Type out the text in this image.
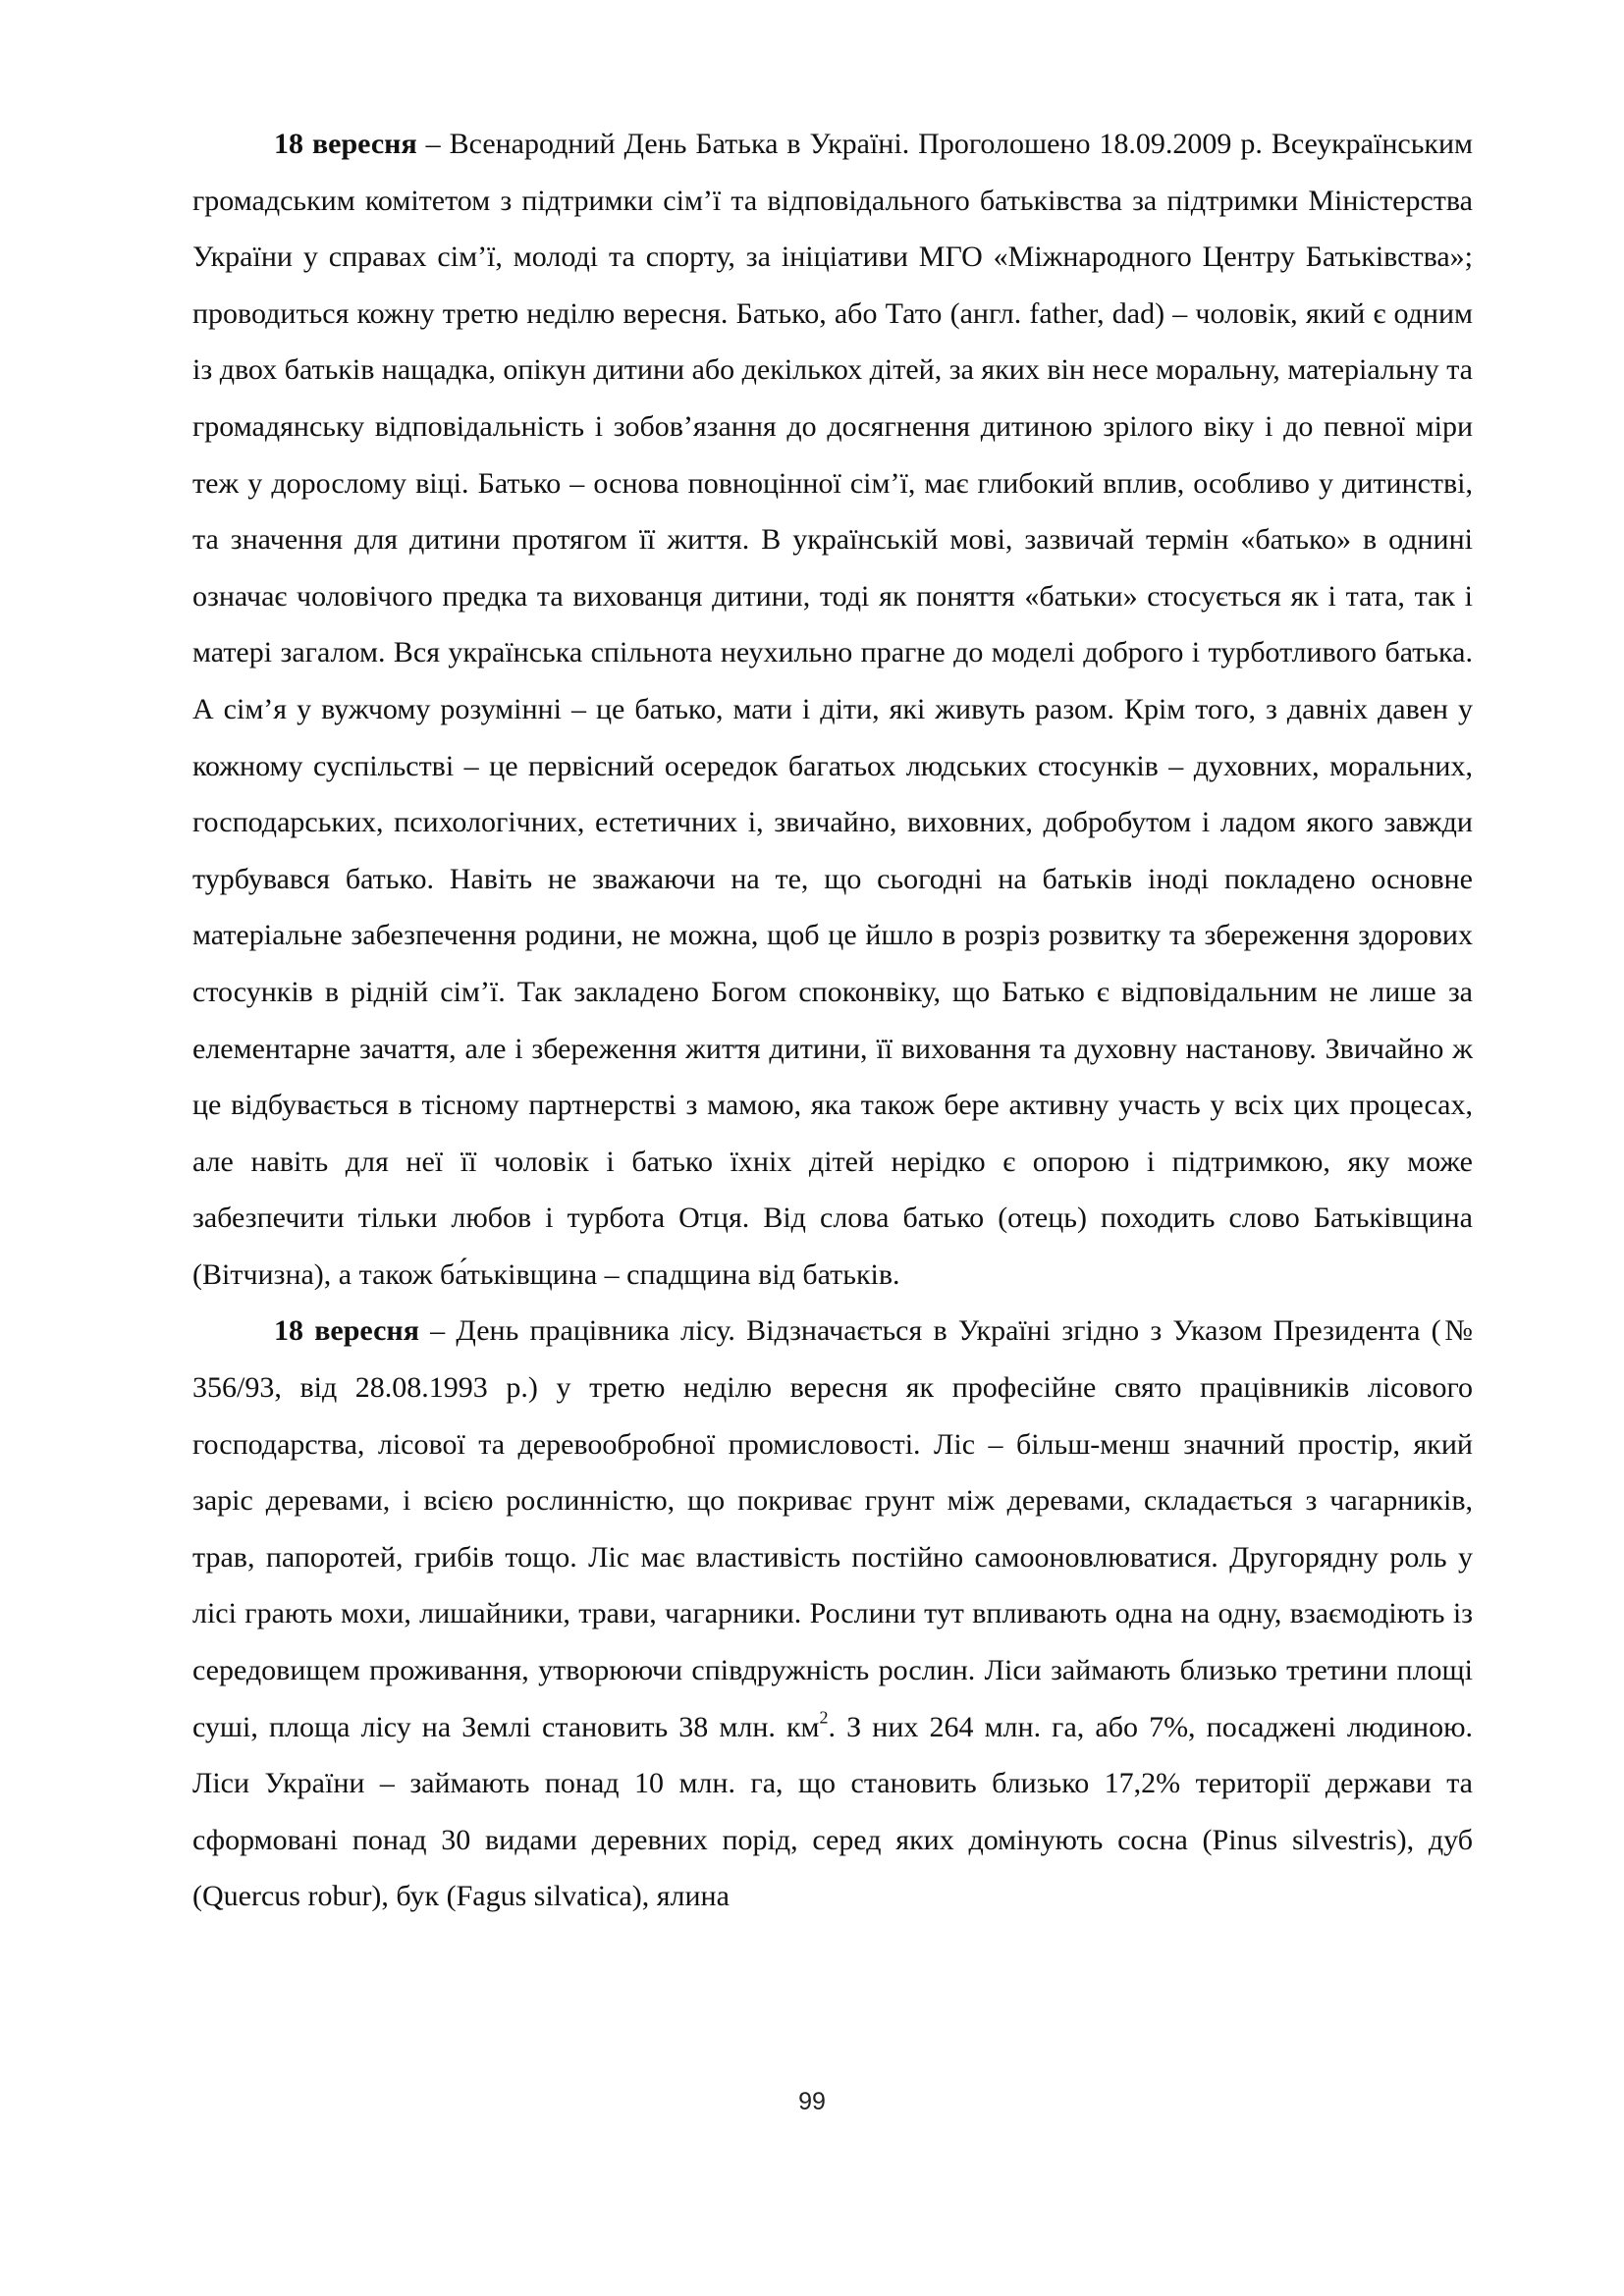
18 вересня – Всенародний День Батька в Україні. Проголошено 18.09.2009 р. Всеукраїнським громадським комітетом з підтримки сім’ї та відповідального батьківства за підтримки Міністерства України у справах сім’ї, молоді та спорту, за ініціативи МГО «Міжнародного Центру Батьківства»; проводиться кожну третю неділю вересня. Батько, або Тато (англ. father, dad) – чоловік, який є одним із двох батьків нащадка, опікун дитини або декількох дітей, за яких він несе моральну, матеріальну та громадянську відповідальність і зобов’язання до досягнення дитиною зрілого віку і до певної міри теж у дорослому віці. Батько – основа повноцінної сім’ї, має глибокий вплив, особливо у дитинстві, та значення для дитини протягом її життя. В українській мові, зазвичай термін «батько» в однині означає чоловічого предка та вихованця дитини, тоді як поняття «батьки» стосується як і тата, так і матері загалом. Вся українська спільнота неухильно прагне до моделі доброго і турботливого батька. А сім’я у вужчому розумінні – це батько, мати і діти, які живуть разом. Крім того, з давніх давен у кожному суспільстві – це первісний осередок багатьох людських стосунків – духовних, моральних, господарських, психологічних, естетичних і, звичайно, виховних, добробутом і ладом якого завжди турбувався батько. Навіть не зважаючи на те, що сьогодні на батьків іноді покладено основне матеріальне забезпечення родини, не можна, щоб це йшло в розріз розвитку та збереження здорових стосунків в рідній сім’ї. Так закладено Богом споконвіку, що Батько є відповідальним не лише за елементарне зачаття, але і збереження життя дитини, її виховання та духовну настанову. Звичайно ж це відбувається в тісному партнерстві з мамою, яка також бере активну участь у всіх цих процесах, але навіть для неї її чоловік і батько їхніх дітей нерідко є опорою і підтримкою, яку може забезпечити тільки любов і турбота Отця. Від слова батько (отець) походить слово Батьківщина (Вітчизна), а також ба́тьківщина – спадщина від батьків.

18 вересня – День працівника лісу. Відзначається в Україні згідно з Указом Президента (№ 356/93, від 28.08.1993 р.) у третю неділю вересня як професійне свято працівників лісового господарства, лісової та деревообробної промисловості. Ліс – більш-менш значний простір, який заріс деревами, і всією рослинністю, що покриває грунт між деревами, складається з чагарників, трав, папоротей, грибів тощо. Ліс має властивість постійно самооновлюватися. Другорядну роль у лісі грають мохи, лишайники, трави, чагарники. Рослини тут впливають одна на одну, взаємодіють із середовищем проживання, утворюючи співдружність рослин. Ліси займають близько третини площі суші, площа лісу на Землі становить 38 млн. $км^2$. З них 264 млн. га, або 7%, посаджені людиною. Ліси України – займають понад 10 млн. га, що становить близько 17,2% території держави та сформовані понад 30 видами деревних порід, серед яких домінують сосна (Pinus silvestris), дуб (Quercus robur), бук (Fagus silvatica), ялина

99
